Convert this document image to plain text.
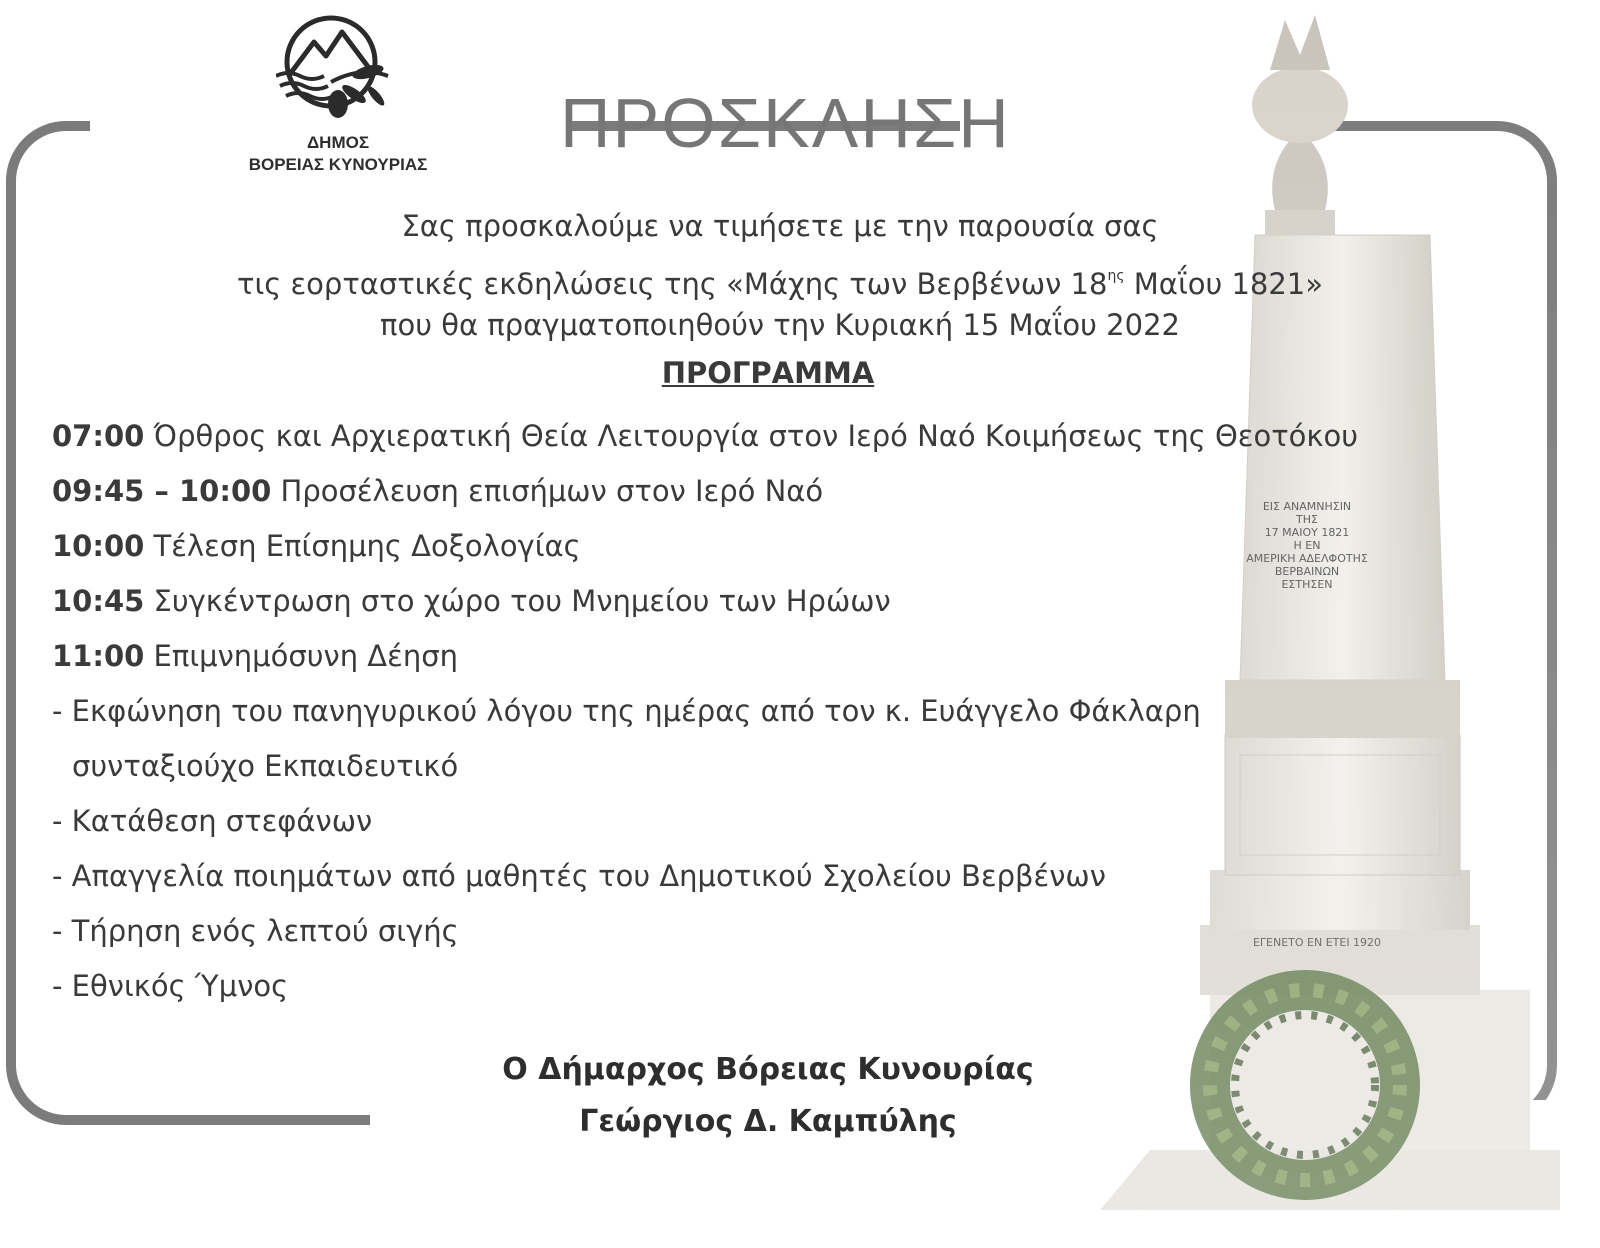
ΔΗΜΟΣ
ΒΟΡΕΙΑΣ ΚΥΝΟΥΡΙΑΣ
ΠΡΟΣΚΛΗΣΗ
Σας προσκαλούμε να τιμήσετε με την παρουσία σας
τις εορταστικές εκδηλώσεις της «Μάχης των Βερβένων $18^{\eta\varsigma}$ Μαΐου 1821»
που θα πραγματοποιηθούν την Κυριακή 15 Μαΐου 2022
ΠΡΟΓΡΑΜΜΑ
07:00 Όρθρος και Αρχιερατική Θεία Λειτουργία στον Ιερό Ναό Κοιμήσεως της Θεοτόκου
09:45 – 10:00 Προσέλευση επισήμων στον Ιερό Ναό
10:00 Τέλεση Επίσημης Δοξολογίας
10:45 Συγκέντρωση στο χώρο του Μνημείου των Ηρώων
11:00 Επιμνημόσυνη Δέηση
- Εκφώνηση του πανηγυρικού λόγου της ημέρας από τον κ. Ευάγγελο Φάκλαρη
συνταξιούχο Εκπαιδευτικό
- Κατάθεση στεφάνων
- Απαγγελία ποιημάτων από μαθητές του Δημοτικού Σχολείου Βερβένων
- Τήρηση ενός λεπτού σιγής
- Εθνικός Ύμνος
Ο Δήμαρχος Βόρειας Κυνουρίας
Γεώργιος Δ. Καμπύλης
